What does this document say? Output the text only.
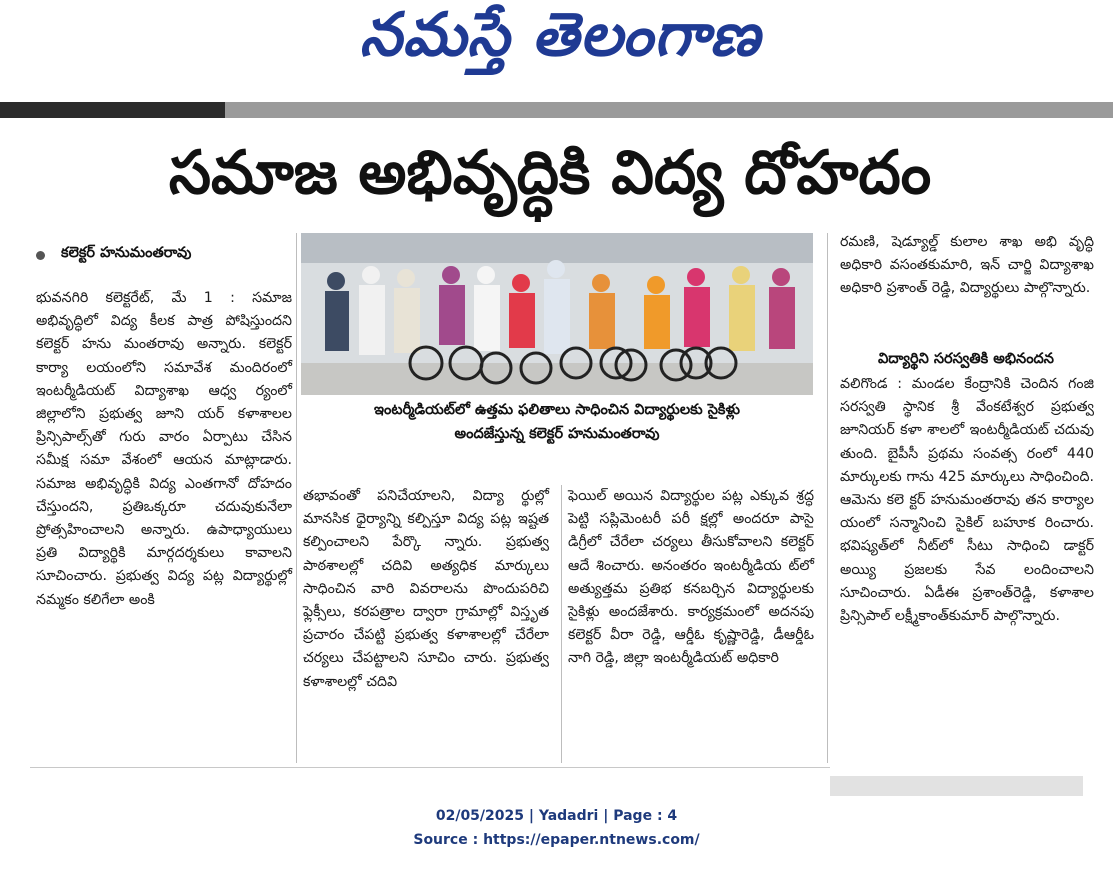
నమస్తే తెలంగాణ
సమాజ అభివృద్ధికి విద్య దోహదం
కలెక్టర్ హనుమంతరావు

భువనగిరి కలెక్టరేట్, మే 1 : సమాజ అభివృద్ధిలో విద్య కీలక పాత్ర పోషిస్తుందని కలెక్టర్ హను మంతరావు అన్నారు. కలెక్టర్ కార్యా లయంలోని సమావేశ మందిరంలో ఇంటర్మీడియట్ విద్యాశాఖ ఆధ్వ ర్యంలో జిల్లాలోని ప్రభుత్వ జూని యర్ కళాశాలల ప్రిన్సిపాల్స్‌తో గురు వారం ఏర్పాటు చేసిన సమీక్ష సమా వేశంలో ఆయన మాట్లాడారు. సమాజ అభివృద్ధికి విద్య ఎంతగానో దోహదం చేస్తుందని, ప్రతిఒక్కరూ చదువుకునేలా ప్రోత్సహించాలని అన్నారు. ఉపాధ్యాయులు ప్రతి విద్యార్థికి మార్గదర్శకులు కావాలని సూచించారు. ప్రభుత్వ విద్య పట్ల విద్యార్థుల్లో నమ్మకం కలిగేలా అంకి

ఇంటర్మీడియట్‌లో ఉత్తమ ఫలితాలు సాధించిన విద్యార్థులకు సైకిళ్లు
అందజేస్తున్న కలెక్టర్ హనుమంతరావు

తభావంతో పనిచేయాలని, విద్యా ర్థుల్లో మానసిక ధైర్యాన్ని కల్పిస్తూ విద్య పట్ల ఇష్టత కల్పించాలని పేర్కొ న్నారు. ప్రభుత్వ పాఠశాలల్లో చదివి అత్యధిక మార్కులు సాధించిన వారి వివరాలను పొందుపరిచి ఫ్లెక్సీలు, కరపత్రాల ద్వారా గ్రామాల్లో విస్తృత ప్రచారం చేపట్టి ప్రభుత్వ కళాశాలల్లో చేరేలా చర్యలు చేపట్టాలని సూచిం చారు. ప్రభుత్వ కళాశాలల్లో చదివి

ఫెయిల్ అయిన విద్యార్థుల పట్ల ఎక్కువ శ్రద్ధ పెట్టి సప్లిమెంటరీ పరీ క్షల్లో అందరూ పాసై డిగ్రీలో చేరేలా చర్యలు తీసుకోవాలని కలెక్టర్ ఆదే శించారు. అనంతరం ఇంటర్మీడియ ట్‌లో అత్యుత్తమ ప్రతిభ కనబర్చిన విద్యార్థులకు సైకిళ్లు అందజేశారు. కార్యక్రమంలో అదనపు కలెక్టర్ వీరా రెడ్డి, ఆర్డీఓ కృష్ణారెడ్డి, డీఆర్డీఓ నాగి రెడ్డి, జిల్లా ఇంటర్మీడియట్ అధికారి

రమణి, షెడ్యూల్డ్ కులాల శాఖ అభి వృద్ధి అధికారి వసంతకుమారి, ఇన్ చార్జి విద్యాశాఖ అధికారి ప్రశాంత్ రెడ్డి, విద్యార్థులు పాల్గొన్నారు.

విద్యార్థిని సరస్వతికి అభినందన

వలిగొండ : మండల కేంద్రానికి చెందిన గంజి సరస్వతి స్థానిక శ్రీ వేంకటేశ్వర ప్రభుత్వ జూనియర్ కళా శాలలో ఇంటర్మీడియట్ చదువు తుంది. బైపీసీ ప్రథమ సంవత్స రంలో 440 మార్కులకు గాను 425 మార్కులు సాధించింది. ఆమెను కలె క్టర్ హనుమంతరావు తన కార్యాల యంలో సన్మానించి సైకిల్ బహూక రించారు. భవిష్యత్‌లో నీట్‌లో సీటు సాధించి డాక్టర్ అయ్యి ప్రజలకు సేవ లందించాలని సూచించారు. ఏడీఈ ప్రశాంత్‌రెడ్డి, కళాశాల ప్రిన్సిపాల్ లక్ష్మీకాంత్‌కుమార్ పాల్గొన్నారు.

02/05/2025 | Yadadri | Page : 4
Source : https://epaper.ntnews.com/
